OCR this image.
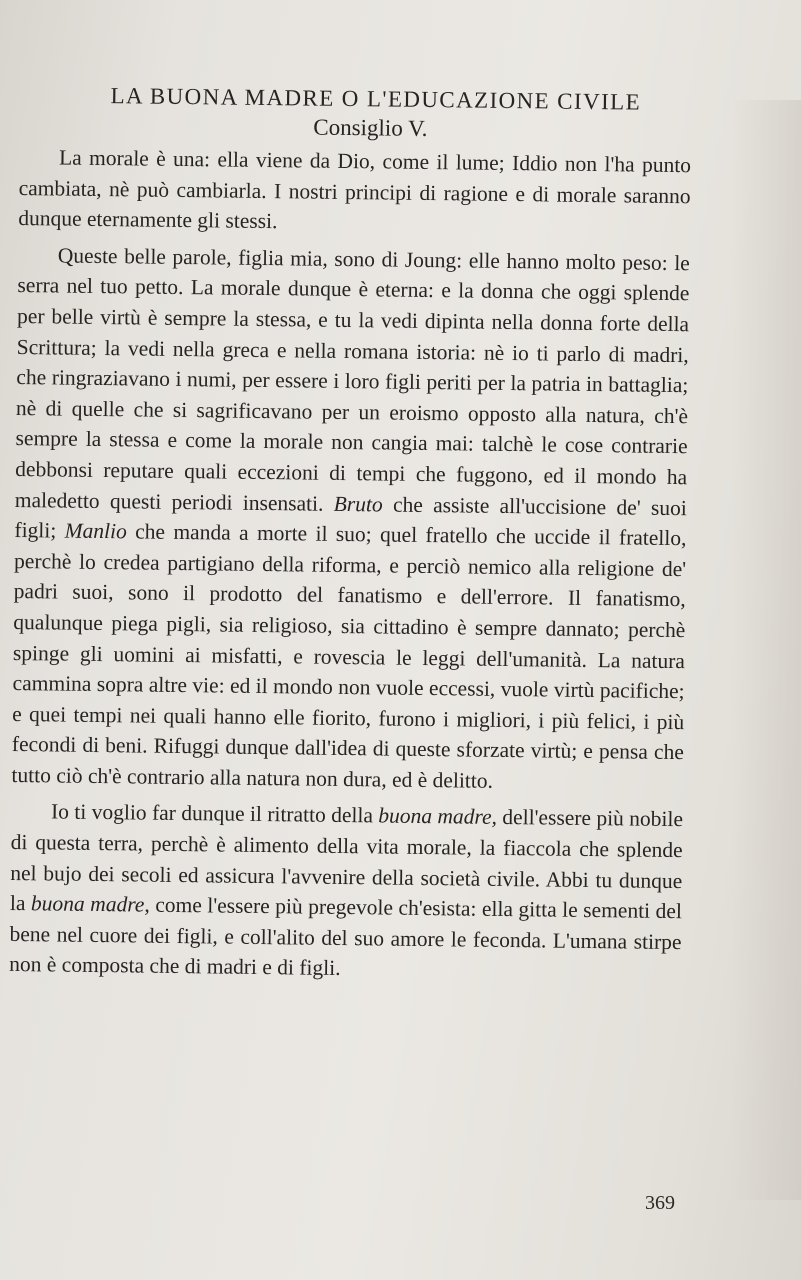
LA BUONA MADRE O L'EDUCAZIONE CIVILE

Consiglio V.

La morale è una: ella viene da Dio, come il lume; Iddio non l'ha punto cambiata, nè può cambiarla. I nostri principi di ragione e di morale saranno dunque eternamente gli stessi.

Queste belle parole, figlia mia, sono di Joung: elle hanno molto peso: le serra nel tuo petto. La morale dunque è eterna: e la donna che oggi splende per belle virtù è sempre la stessa, e tu la vedi dipinta nella donna forte della Scrittura; la vedi nella greca e nella romana istoria: nè io ti parlo di madri, che ringraziavano i numi, per essere i loro figli periti per la patria in battaglia; nè di quelle che si sagrificavano per un eroismo opposto alla natura, ch'è sempre la stessa e come la morale non cangia mai: talchè le cose contrarie debbonsi reputare quali eccezioni di tempi che fuggono, ed il mondo ha maledetto questi periodi insensati. Bruto che assiste all'uccisione de' suoi figli; Manlio che manda a morte il suo; quel fratello che uccide il fratello, perchè lo credea partigiano della riforma, e perciò nemico alla religione de' padri suoi, sono il prodotto del fanatismo e dell'errore. Il fanatismo, qualunque piega pigli, sia religioso, sia cittadino è sempre dannato; perchè spinge gli uomini ai misfatti, e rovescia le leggi dell'umanità. La natura cammina sopra altre vie: ed il mondo non vuole eccessi, vuole virtù pacifiche; e quei tempi nei quali hanno elle fiorito, furono i migliori, i più felici, i più fecondi di beni. Rifuggi dunque dall'idea di queste sforzate virtù; e pensa che tutto ciò ch'è contrario alla natura non dura, ed è delitto.

Io ti voglio far dunque il ritratto della buona madre, dell'essere più nobile di questa terra, perchè è alimento della vita morale, la fiaccola che splende nel bujo dei secoli ed assicura l'avvenire della società civile. Abbi tu dunque la buona madre, come l'essere più pregevole ch'esista: ella gitta le sementi del bene nel cuore dei figli, e coll'alito del suo amore le feconda. L'umana stirpe non è composta che di madri e di figli.

369
